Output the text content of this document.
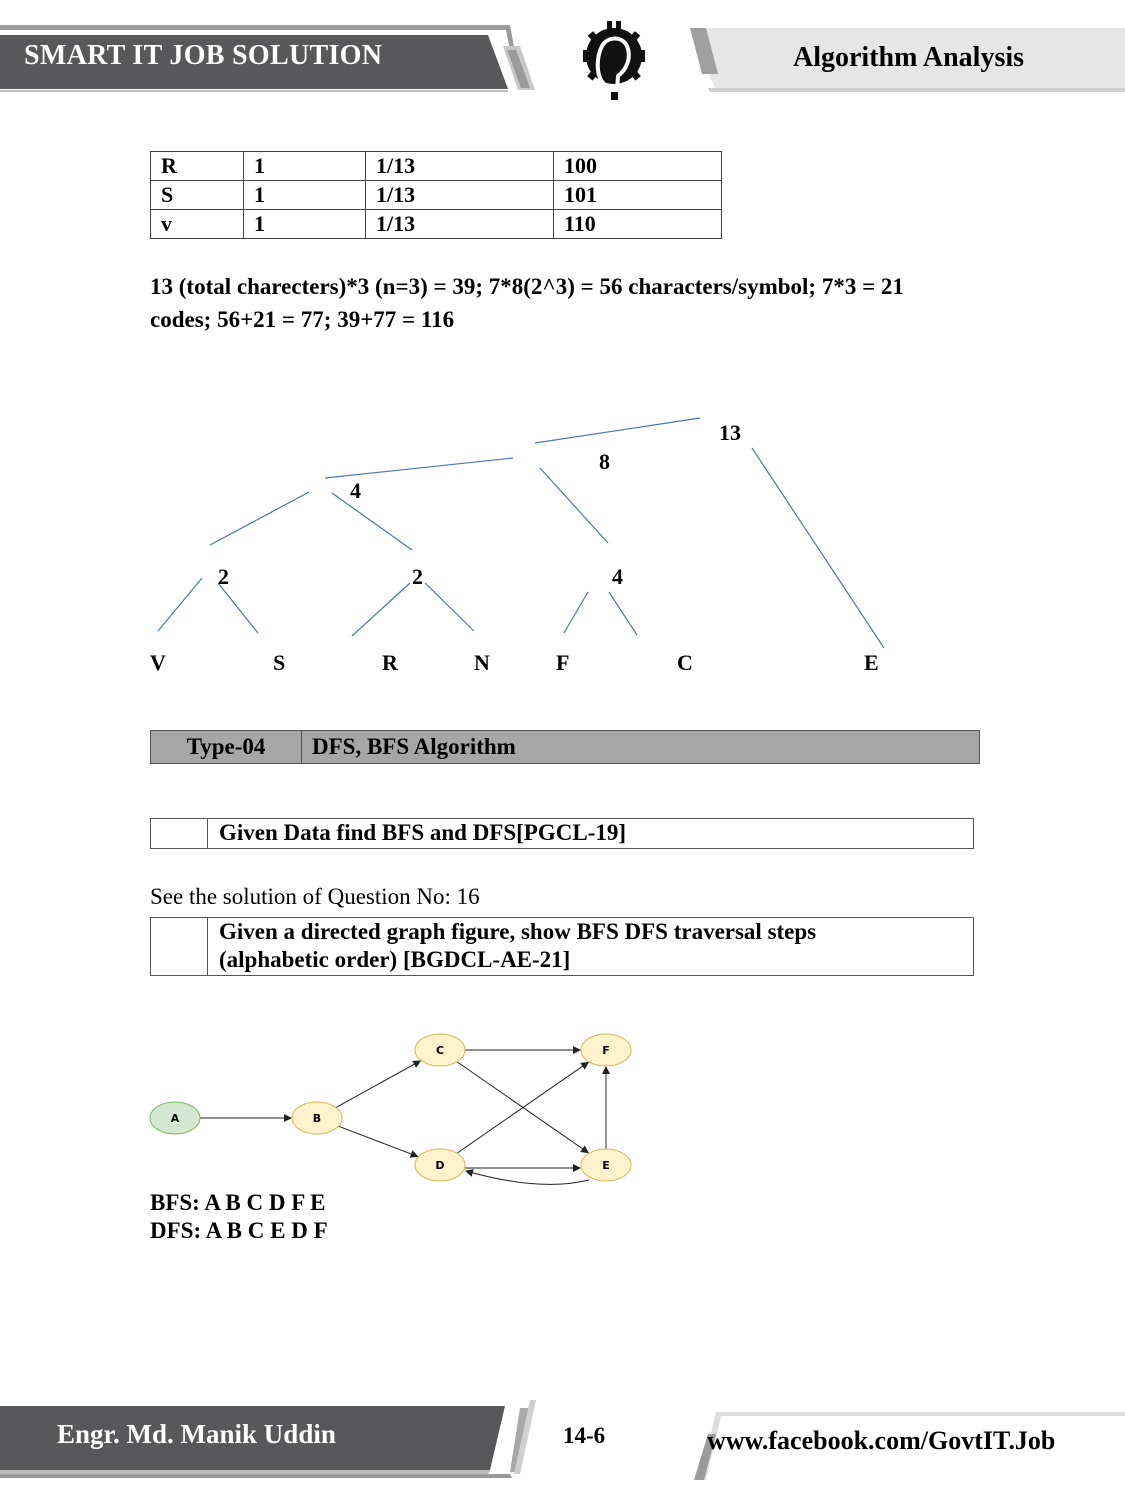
SMART IT JOB SOLUTION	Algorithm Analysis
R	1	1/13	100
S	1	1/13	101
v	1	1/13	110
13 (total charecters)*3 (n=3) = 39; 7*8(2^3) = 56 characters/symbol; 7*3 = 21
codes; 56+21 = 77; 39+77 = 116
13
8
4
2	2	4
V	S	R	N	F	C	E
Type-04	DFS, BFS Algorithm
Given Data find BFS and DFS[PGCL-19]
See the solution of Question No: 16
Given a directed graph figure, show BFS DFS traversal steps
(alphabetic order) [BGDCL-AE-21]
A	B
C
D	E
F
BFS: A B C D F E
DFS: A B C E D F
Engr. Md. Manik Uddin	14-6	www.facebook.com/GovtIT.Job
